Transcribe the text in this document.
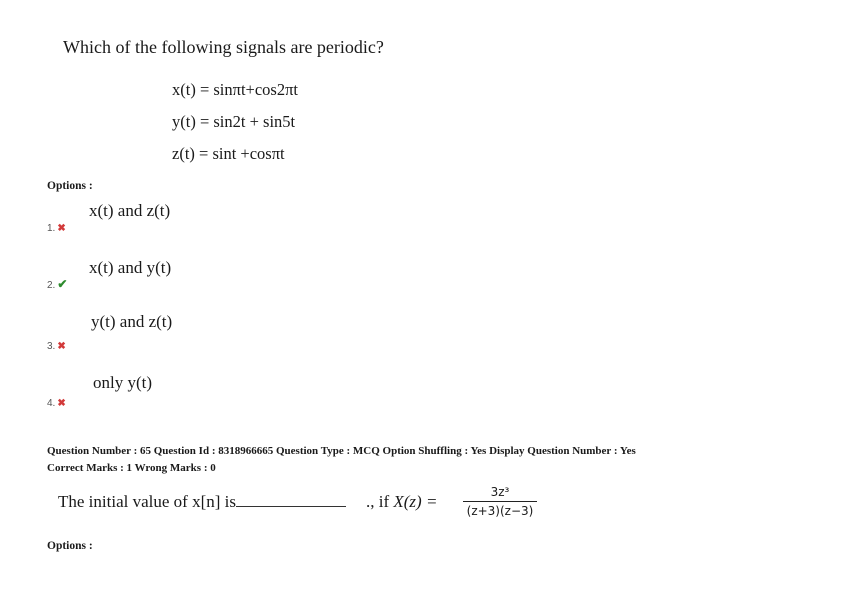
Which of the following signals are periodic?
x(t) = sinπt+cos2πt
y(t) = sin2t + sin5t
z(t) = sint +cosπt
Options :
x(t) and z(t)
1. ✖
x(t) and y(t)
2. ✔
y(t) and z(t)
3. ✖
only y(t)
4. ✖
Question Number : 65 Question Id : 8318966665 Question Type : MCQ Option Shuffling : Yes Display Question Number : Yes
Correct Marks : 1 Wrong Marks : 0
The initial value of x[n] is	., if $X(z) = \frac{\text{3z³}}{(z+3)(z-3)}$
Options :
